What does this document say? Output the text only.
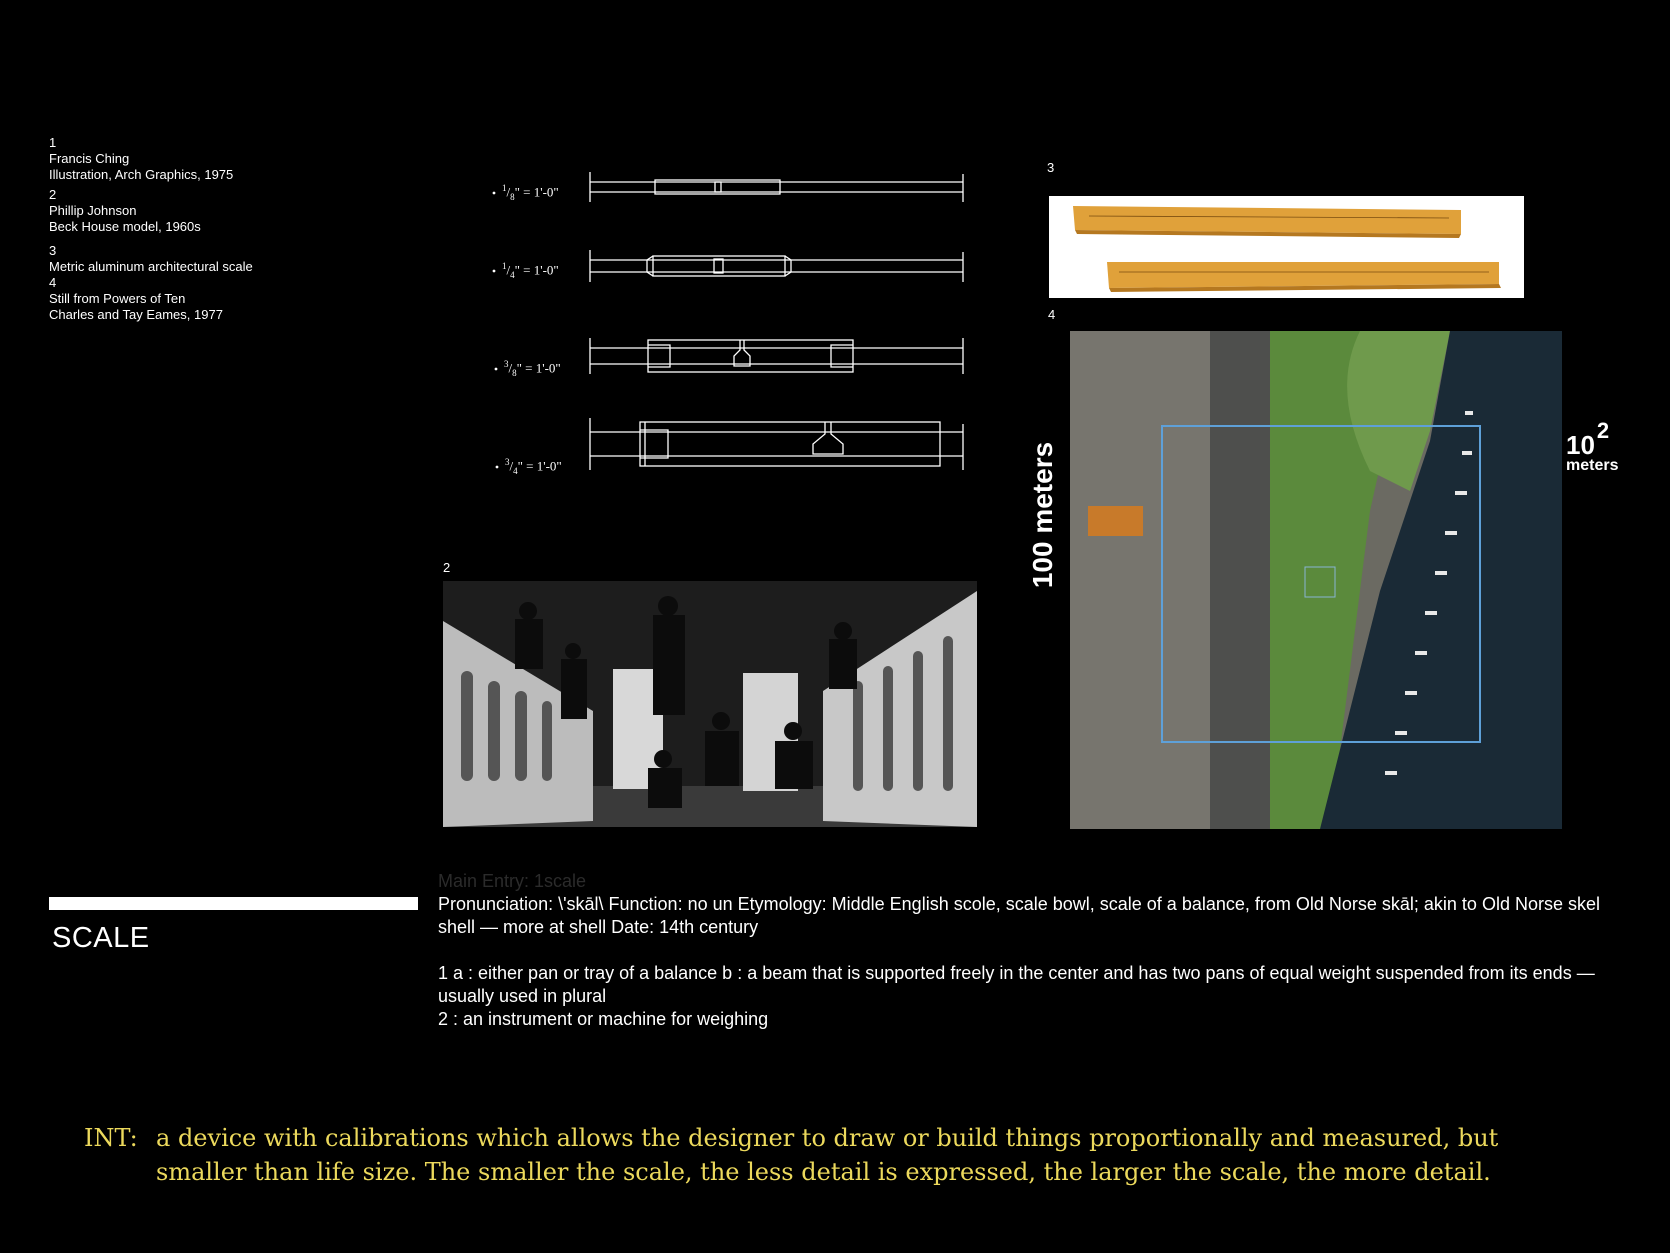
1
Francis Ching
Illustration, Arch Graphics, 1975
2
Phillip Johnson
Beck House model, 1960s
3
Metric aluminum architectural scale
4
Still from Powers of Ten
Charles and Tay Eames, 1977
$^1/_8$" = 1'-0"
$^1/_4$" = 1'-0"
$^3/_8$" = 1'-0"
$^3/_4$" = 1'-0"
2
3
4
100 meters	102
meters
SCALE

Main Entry: 1scale

Pronunciation: \'skāl\ Function: no un Etymology: Middle English scole, scale bowl, scale of a balance, from Old Norse skāl; akin to Old Norse skel shell — more at shell Date: 14th century

1 a : either pan or tray of a balance b : a beam that is supported freely in the center and has two pans of equal weight suspended from its ends —usually used in plural

2 : an instrument or machine for weighing

INT: a device with calibrations which allows the designer to draw or build things proportionally and measured, but
smaller than life size. The smaller the scale, the less detail is expressed, the larger the scale, the more detail.
